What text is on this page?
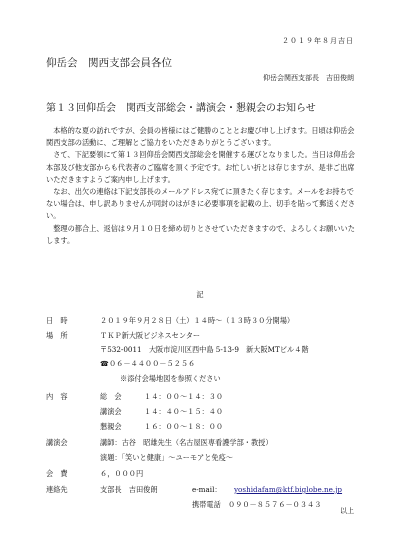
２０１９年８月吉日
仰岳会　関西支部会員各位
仰岳会関西支部長　吉田俊朗
第１３回仰岳会　関西支部総会・講演会・懇親会のお知らせ

　本格的な夏の訪れですが、会員の皆様にはご健勝のこととお慶び申し上げます。日頃は仰岳会関西支部の活動に、ご理解とご協力をいただきありがとうございます。

　さて、下記要領にて第１３回仰岳会関西支部総会を開催する運びとなりました。当日は仰岳会本部及び他支部からも代表者のご臨席を頂く予定です。お忙しい折とは存じますが、是非ご出席いただきますようご案内申し上げます。

　なお、出欠の連絡は下記支部長のメールアドレス宛てに頂きたく存じます。メールをお持ちでない場合は、申し訳ありませんが同封のはがきに必要事項を記載の上、切手を貼って郵送ください。

　整理の都合上、返信は９月１０日を締め切りとさせていただきますので、よろしくお願いいたします。

記
日　時	２０１９年９月２８日（土）１４時～（１３時３０分開場）
場　所	ＴＫＰ新大阪ビジネスセンター
〒532-0011　大阪市淀川区西中島 5-13-9　新大阪MTビル４階
☎０６－４４００－５２５６
※添付会場地図を参照ください
内　容	総　会	１４：００～１４：３０
講演会	１４：４０～１５：４０
懇親会	１６：００～１８：００
講演会	講師：古谷　昭雄先生（名古屋医専看護学部・教授）
演題：「笑いと健康」～ユーモアと免疫～
会　費	６，０００円
連絡先	支部長　吉田俊朗	e‐mail： yoshidafam@ktf.biglobe.ne.jp
携帯電話　０９０－８５７６－０３４３
以上
